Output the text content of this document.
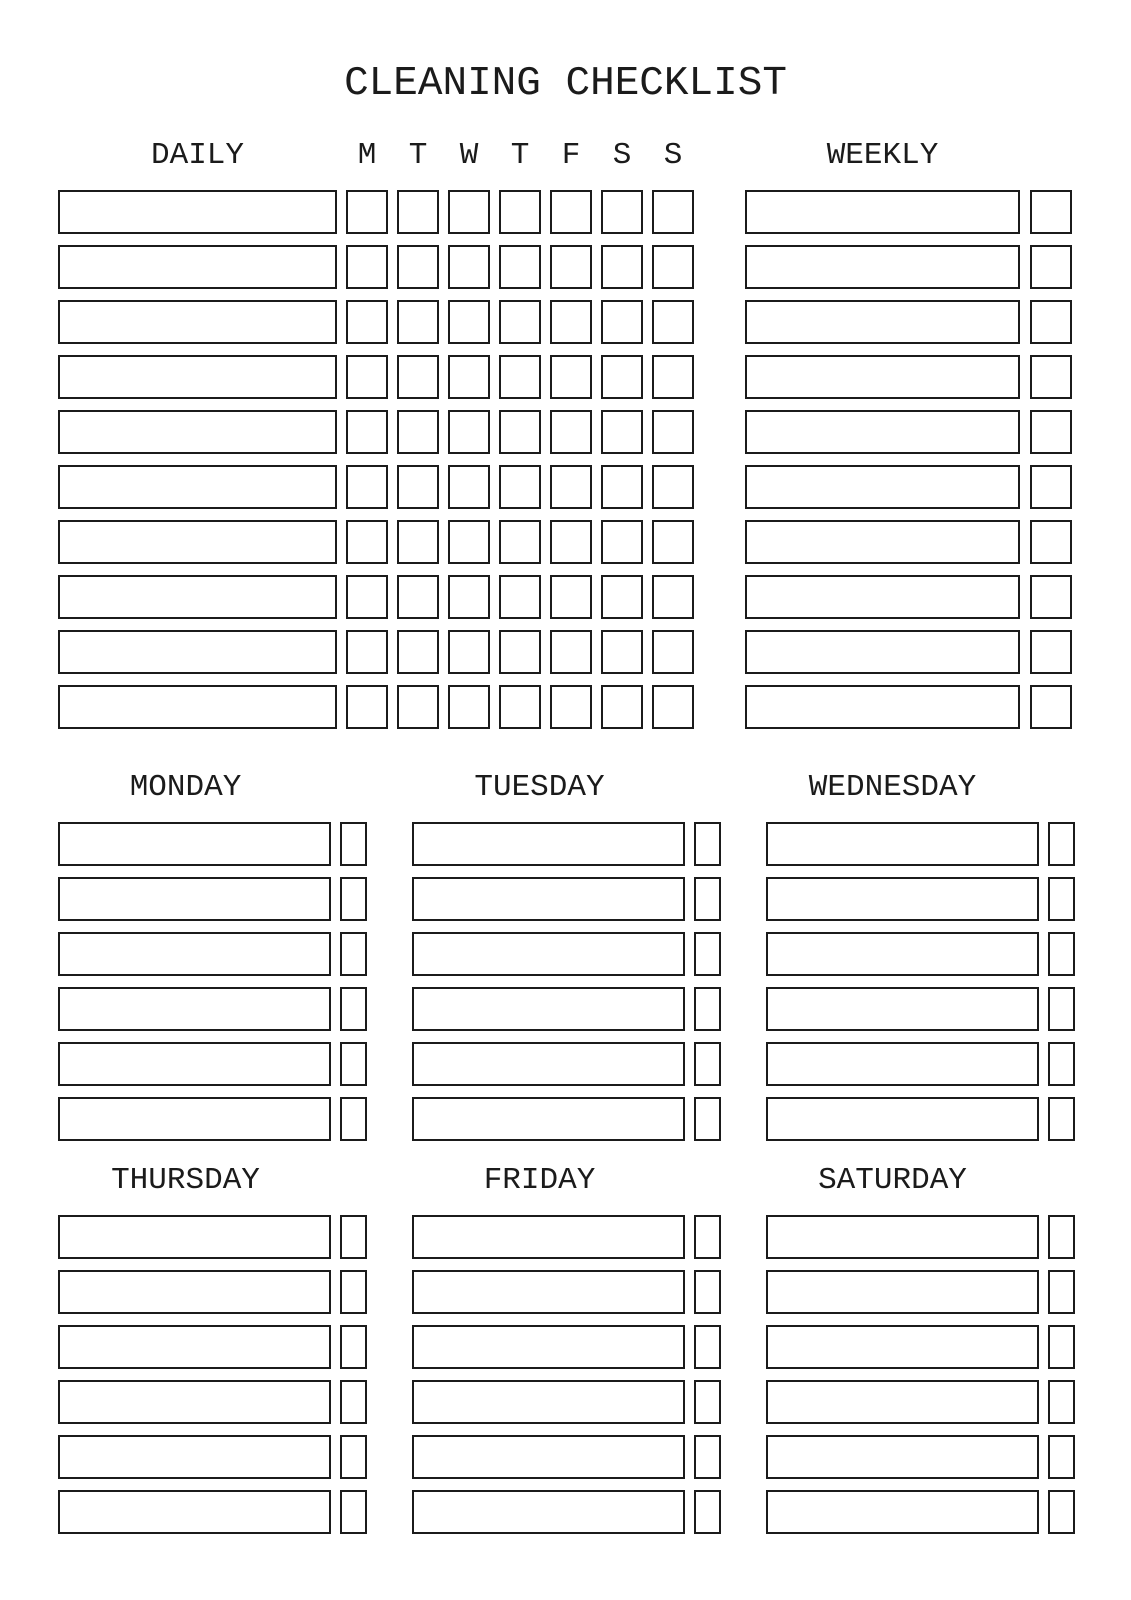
CLEANING CHECKLIST
DAILY	M	T	W	T	F	S	S	WEEKLY
MONDAY	TUESDAY	WEDNESDAY
THURSDAY	FRIDAY	SATURDAY
